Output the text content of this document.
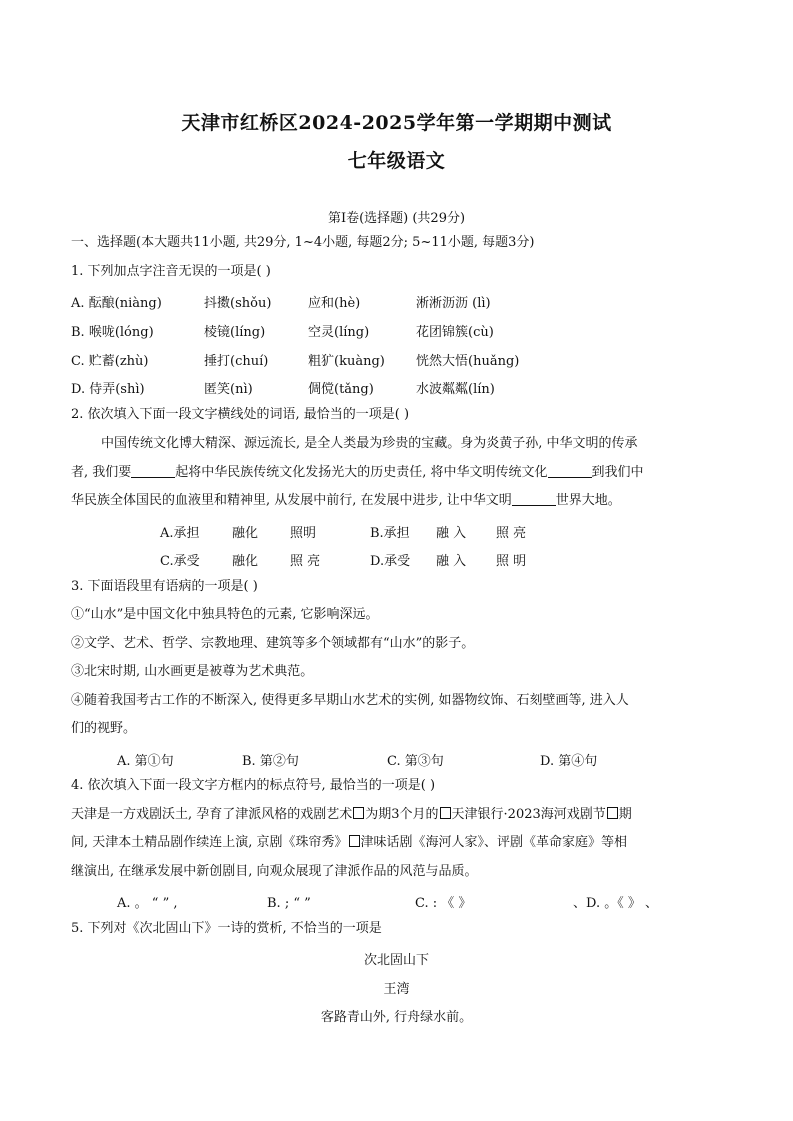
天津市红桥区2024-2025学年第一学期期中测试
七年级语文
第Ⅰ卷(选择题) (共29分)
一、选择题(本大题共11小题, 共29分, 1~4小题, 每题2分; 5~11小题, 每题3分)
1. 下列加点字注音无误的一项是( )
A. 酝酿(niàng)	抖擞(shǒu)	应和(hè)	淅淅沥沥 (lì)
B. 喉咙(lóng)	棱镜(líng)	空灵(líng)	花团锦簇(cù)
C. 贮蓄(zhù)	捶打(chuí)	粗犷(kuàng) 恍然大悟(huǎng)
D. 侍弄(shì)	匿笑(nì)	倜傥(tǎng)	水波粼粼(lín)
2. 依次填入下面一段文字横线处的词语, 最恰当的一项是( )
中国传统文化博大精深、源远流长, 是全人类最为珍贵的宝藏。身为炎黄子孙, 中华文明的传承
者, 我们要	起将中华民族传统文化发扬光大的历史责任, 将中华文明传统文化	到我们中
华民族全体国民的血液里和精神里, 从发展中前行, 在发展中进步, 让中华文明	世界大地。
A.承担 融化 照明	B.承担 融 入 照 亮
C.承受 融化 照 亮	D.承受 融 入 照 明
3. 下面语段里有语病的一项是( )
①“山水”是中国文化中独具特色的元素, 它影响深远。
②文学、艺术、哲学、宗教地理、建筑等多个领域都有“山水”的影子。
③北宋时期, 山水画更是被尊为艺术典范。
④随着我国考古工作的不断深入, 使得更多早期山水艺术的实例, 如器物纹饰、石刻壁画等, 进入人
们的视野。
A. 第①句	B. 第②句	C. 第③句	D. 第④句
4. 依次填入下面一段文字方框内的标点符号, 最恰当的一项是( )
天津是一方戏剧沃土, 孕育了津派风格的戏剧艺术 为期3个月的 天津银行·2023海河戏剧节 期
间, 天津本土精品剧作续连上演, 京剧《珠帘秀》 津味话剧《海河人家》、评剧《革命家庭》等相
继演出, 在继承发展中新创剧目, 向观众展现了津派作品的风范与品质。
A. 。 “ ” ,	B. ; “ ”	C. : 《 》	、D. 。《 》 、
5. 下列对《次北固山下》一诗的赏析, 不恰当的一项是
次北固山下
王湾
客路青山外, 行舟绿水前。
